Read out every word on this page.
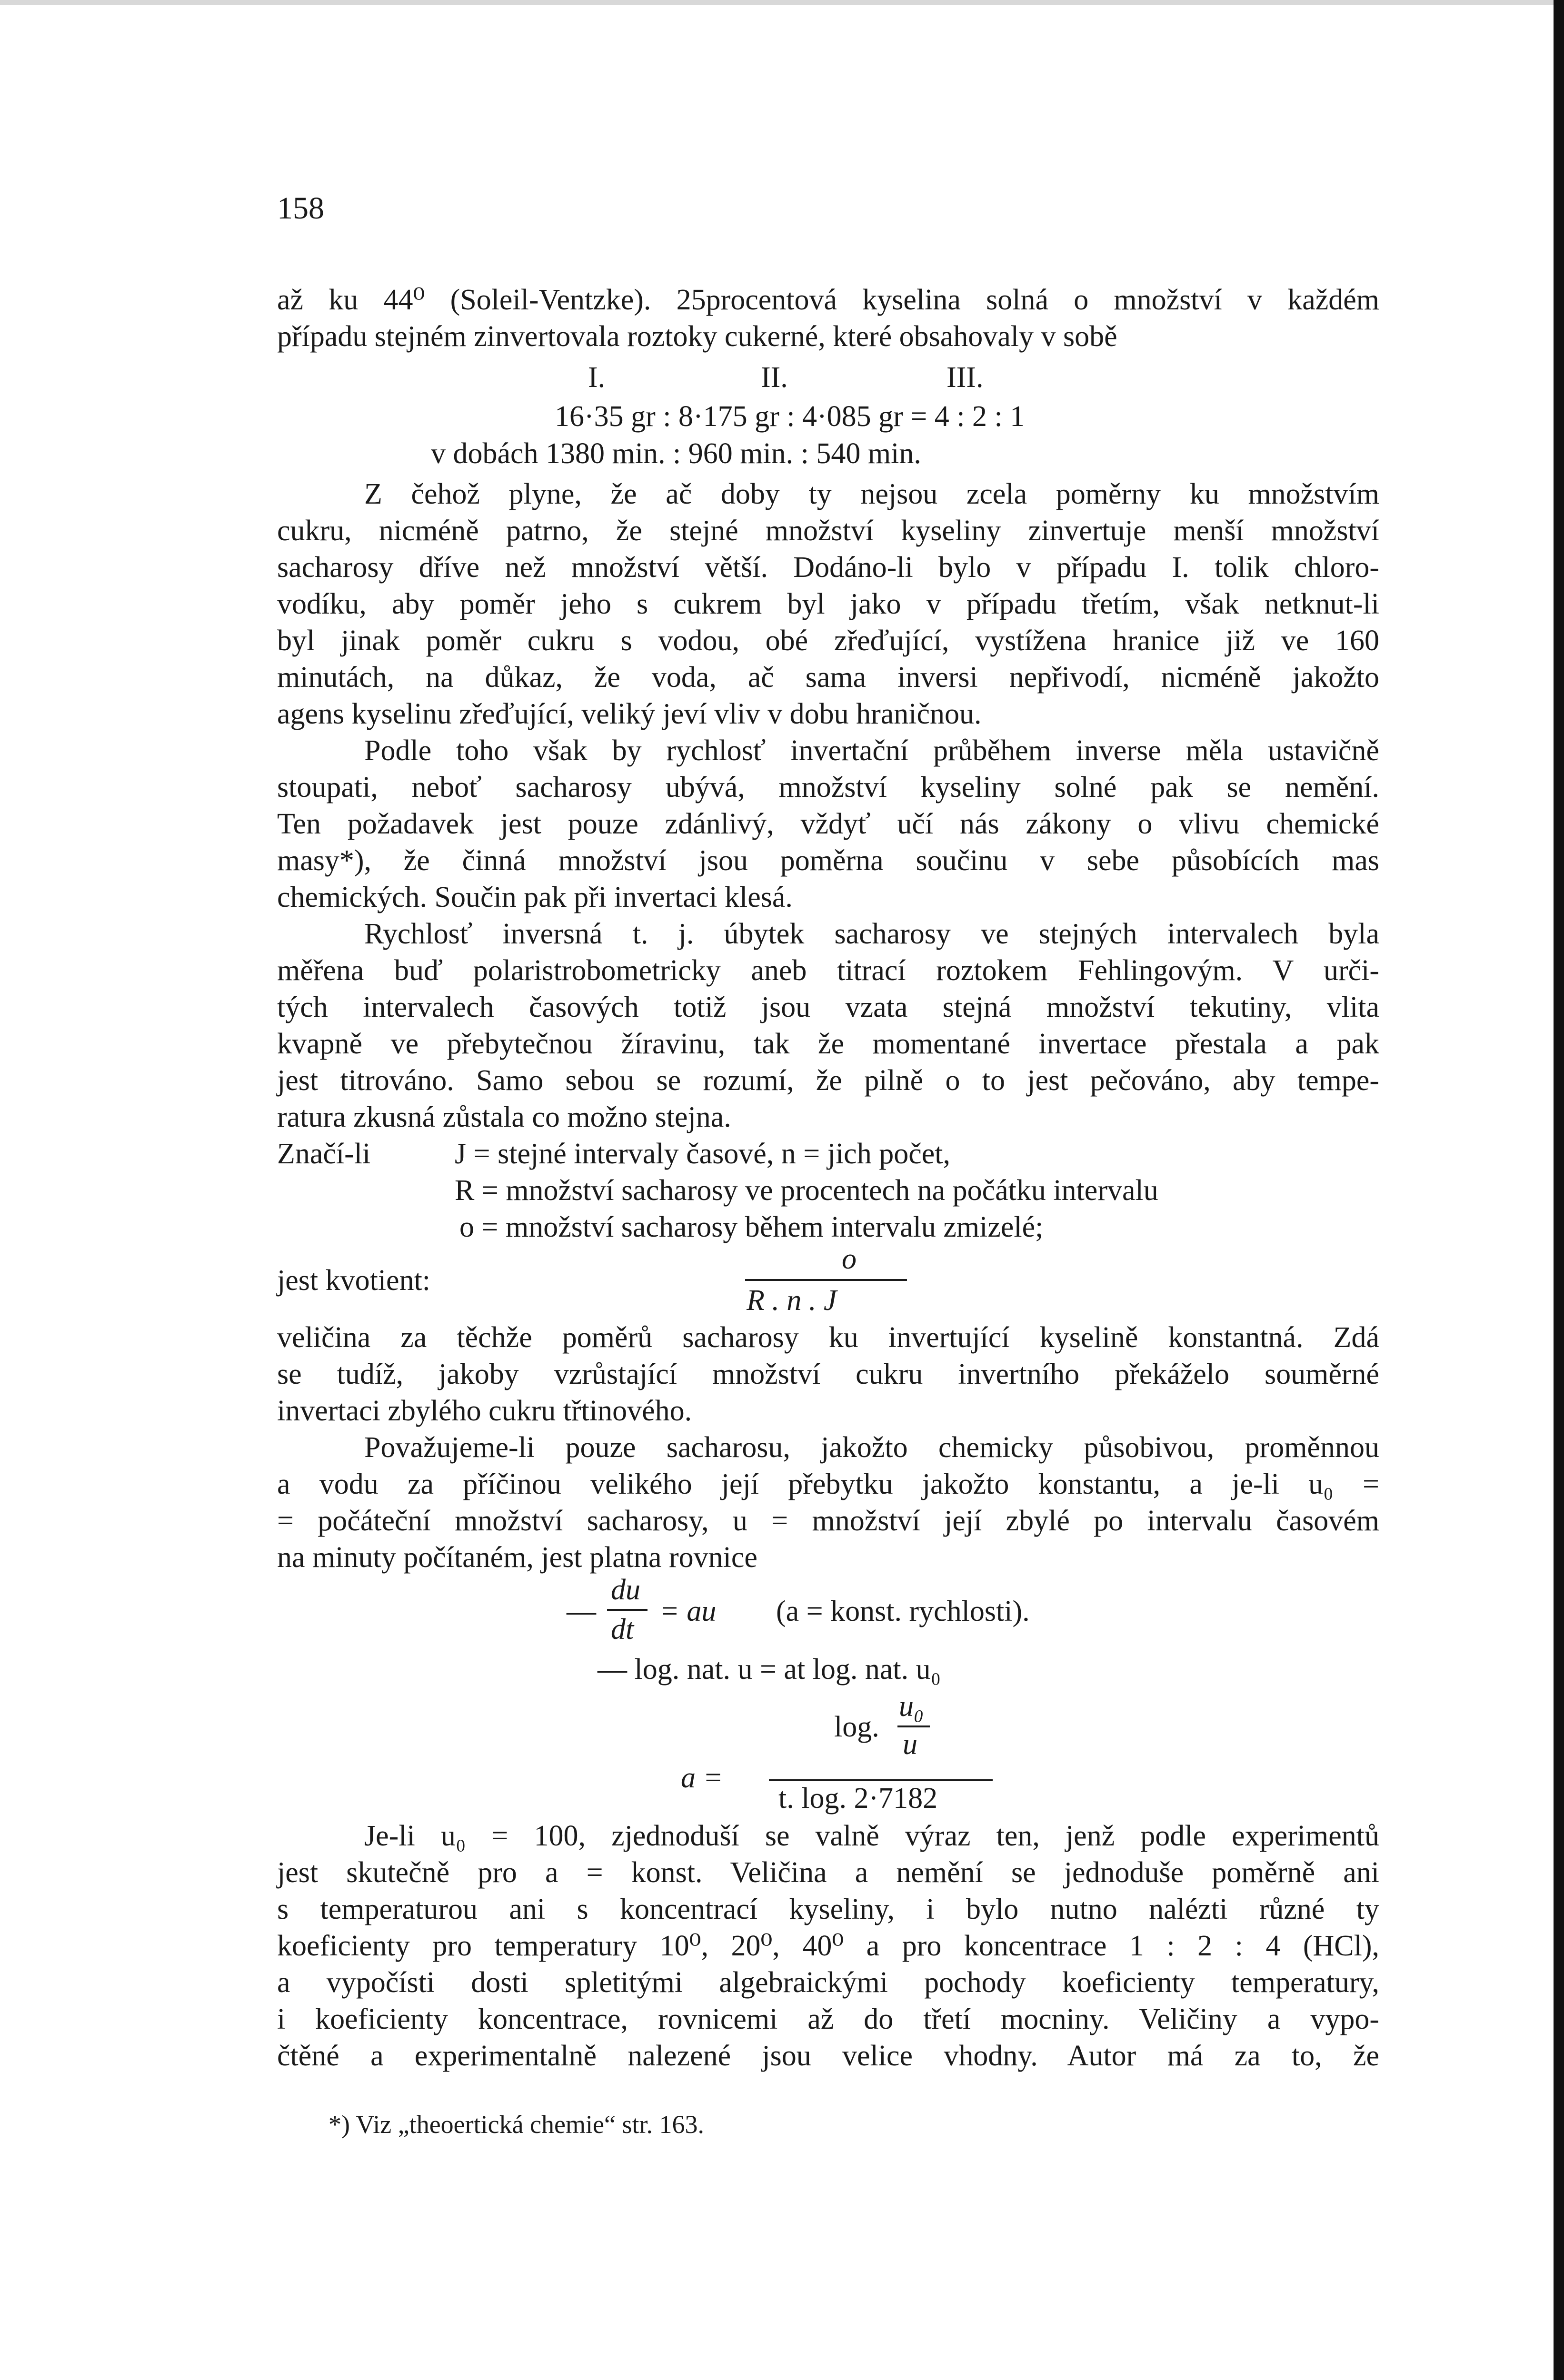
158
až ku 44⁰ (Soleil-Ventzke). 25procentová kyselina solná o množství v každém
případu stejném zinvertovala roztoky cukerné, které obsahovaly v sobě
I.	II.	III.
16·35 gr : 8·175 gr : 4·085 gr = 4 : 2 : 1
v dobách 1380 min. : 960 min. : 540 min.
Z čehož plyne, že ač doby ty nejsou zcela poměrny ku množstvím
cukru, nicméně patrno, že stejné množství kyseliny zinvertuje menší množství
sacharosy dříve než množství větší. Dodáno-li bylo v případu I. tolik chloro-
vodíku, aby poměr jeho s cukrem byl jako v případu třetím, však netknut-li
byl jinak poměr cukru s vodou, obé zřeďující, vystížena hranice již ve 160
minutách, na důkaz, že voda, ač sama inversi nepřivodí, nicméně jakožto
agens kyselinu zřeďující, veliký jeví vliv v dobu hraničnou.
Podle toho však by rychlosť invertační průběhem inverse měla ustavičně
stoupati, neboť sacharosy ubývá, množství kyseliny solné pak se nemění.
Ten požadavek jest pouze zdánlivý, vždyť učí nás zákony o vlivu chemické
masy*), že činná množství jsou poměrna součinu v sebe působících mas
chemických. Součin pak při invertaci klesá.
Rychlosť inversná t. j. úbytek sacharosy ve stejných intervalech byla
měřena buď polaristrobometricky aneb titrací roztokem Fehlingovým. V urči-
tých intervalech časových totiž jsou vzata stejná množství tekutiny, vlita
kvapně ve přebytečnou žíravinu, tak že momentané invertace přestala a pak
jest titrováno. Samo sebou se rozumí, že pilně o to jest pečováno, aby tempe-
ratura zkusná zůstala co možno stejna.
Značí-li	J = stejné intervaly časové, n = jich počet,
R = množství sacharosy ve procentech na počátku intervalu
o = množství sacharosy během intervalu zmizelé;
jest kvotient:
o
R . n . J
veličina za těchže poměrů sacharosy ku invertující kyselině konstantná. Zdá
se tudíž, jakoby vzrůstající množství cukru invertního překáželo souměrné
invertaci zbylého cukru třtinového.
Považujeme-li pouze sacharosu, jakožto chemicky působivou, proměnnou
a vodu za příčinou velikého její přebytku jakožto konstantu, a je-li u₀ =
= počáteční množství sacharosy, u = množství její zbylé po intervalu časovém
na minuty počítaném, jest platna rovnice
—
du
dt
= au (a = konst. rychlosti).
— log. nat. u = at log. nat. u₀
log.
u₀
u
a =
t. log. 2·7182
Je-li u₀ = 100, zjednoduší se valně výraz ten, jenž podle experimentů
jest skutečně pro a = konst. Veličina a nemění se jednoduše poměrně ani
s temperaturou ani s koncentrací kyseliny, i bylo nutno nalézti různé ty
koeficienty pro temperatury 10⁰, 20⁰, 40⁰ a pro koncentrace 1 : 2 : 4 (HCl),
a vypočísti dosti spletitými algebraickými pochody koeficienty temperatury,
i koeficienty koncentrace, rovnicemi až do třetí mocniny. Veličiny a vypo-
čtěné a experimentalně nalezené jsou velice vhodny. Autor má za to, že
*) Viz „theoertická chemie“ str. 163.
